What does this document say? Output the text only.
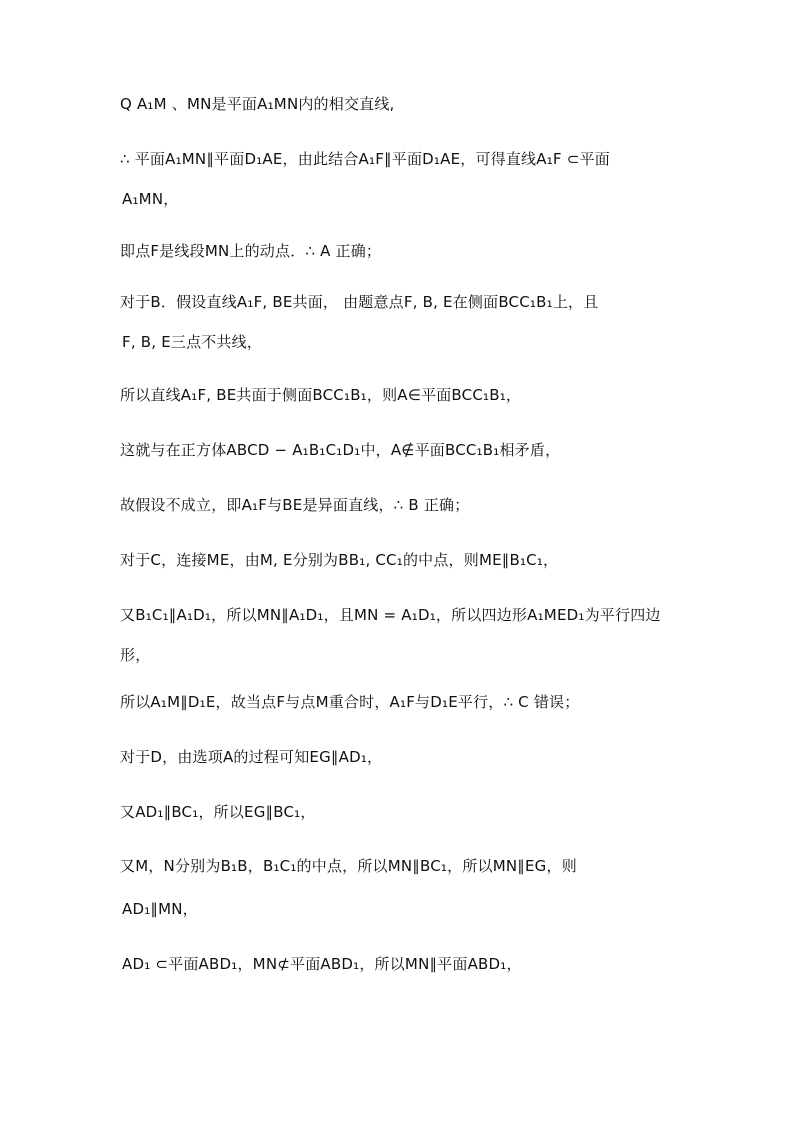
Q A₁M 、MN是平面A₁MN内的相交直线,
∴ 平面A₁MN∥平面D₁AE，由此结合A₁F∥平面D₁AE，可得直线A₁F ⊂平面
A₁MN，
即点F是线段MN上的动点．∴ A 正确；
对于B．假设直线A₁F, BE共面， 由题意点F, B, E在侧面BCC₁B₁上，且
F, B, E三点不共线，
所以直线A₁F, BE共面于侧面BCC₁B₁，则A∈平面BCC₁B₁，
这就与在正方体ABCD − A₁B₁C₁D₁中，A∉平面BCC₁B₁相矛盾，
故假设不成立，即A₁F与BE是异面直线，∴ B 正确；
对于C，连接ME，由M, E分别为BB₁, CC₁的中点，则ME∥B₁C₁，
又B₁C₁∥A₁D₁，所以MN∥A₁D₁，且MN = A₁D₁，所以四边形A₁MED₁为平行四边
形，
所以A₁M∥D₁E，故当点F与点M重合时，A₁F与D₁E平行，∴ C 错误；
对于D，由选项A的过程可知EG∥AD₁，
又AD₁∥BC₁，所以EG∥BC₁，
又M，N分别为B₁B，B₁C₁的中点，所以MN∥BC₁，所以MN∥EG，则
AD₁∥MN，
AD₁ ⊂平面ABD₁，MN⊄平面ABD₁，所以MN∥平面ABD₁，
